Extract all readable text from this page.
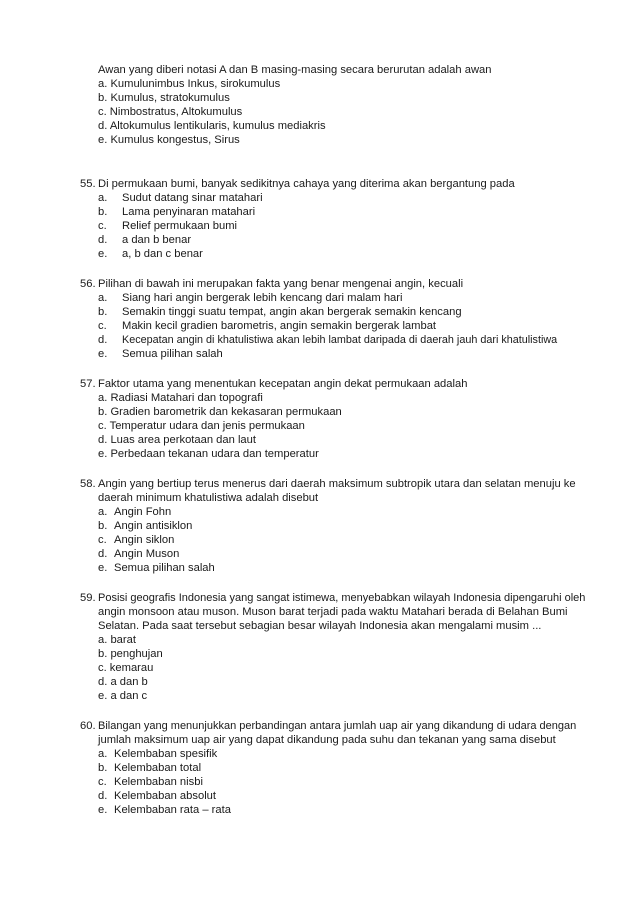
Awan yang diberi notasi A dan B masing-masing secara berurutan adalah awan
a. Kumulunimbus Inkus, sirokumulus
b. Kumulus, stratokumulus
c. Nimbostratus, Altokumulus
d. Altokumulus lentikularis, kumulus mediakris
e. Kumulus kongestus, Sirus
55. Di permukaan bumi, banyak sedikitnya cahaya yang diterima akan bergantung pada
a. Sudut datang sinar matahari
b. Lama penyinaran matahari
c. Relief permukaan bumi
d. a dan b benar
e. a, b dan c benar
56. Pilihan di bawah ini merupakan fakta yang benar mengenai angin, kecuali
a. Siang hari angin bergerak lebih kencang dari malam hari
b. Semakin tinggi suatu tempat, angin akan bergerak semakin kencang
c. Makin kecil gradien barometris, angin semakin bergerak lambat
d. Kecepatan angin di khatulistiwa akan lebih lambat daripada di daerah jauh dari khatulistiwa
e. Semua pilihan salah
57. Faktor utama yang menentukan kecepatan angin dekat permukaan adalah
a. Radiasi Matahari dan topografi
b. Gradien barometrik dan kekasaran permukaan
c. Temperatur udara dan jenis permukaan
d. Luas area perkotaan dan laut
e. Perbedaan tekanan udara dan temperatur
58. Angin yang bertiup terus menerus dari daerah maksimum subtropik utara dan selatan menuju ke
daerah minimum khatulistiwa adalah disebut
a. Angin Fohn
b. Angin antisiklon
c. Angin siklon
d. Angin Muson
e. Semua pilihan salah
59. Posisi geografis Indonesia yang sangat istimewa, menyebabkan wilayah Indonesia dipengaruhi oleh
angin monsoon atau muson. Muson barat terjadi pada waktu Matahari berada di Belahan Bumi
Selatan. Pada saat tersebut sebagian besar wilayah Indonesia akan mengalami musim ...
a. barat
b. penghujan
c. kemarau
d. a dan b
e. a dan c
60. Bilangan yang menunjukkan perbandingan antara jumlah uap air yang dikandung di udara dengan
jumlah maksimum uap air yang dapat dikandung pada suhu dan tekanan yang sama disebut
a. Kelembaban spesifik
b. Kelembaban total
c. Kelembaban nisbi
d. Kelembaban absolut
e. Kelembaban rata – rata
